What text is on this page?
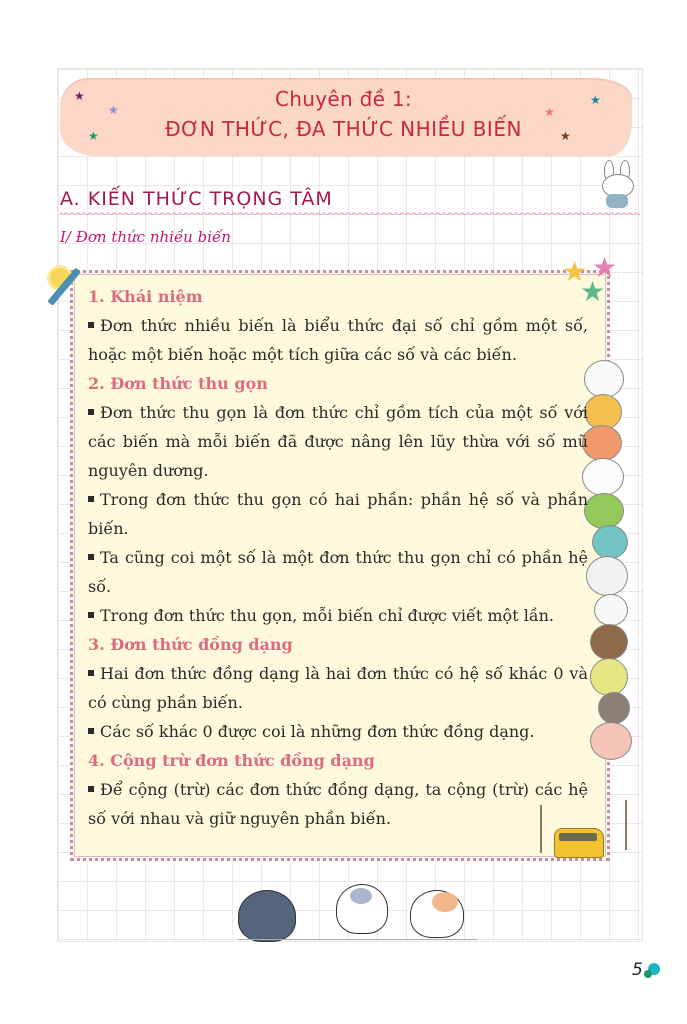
★
★
★
★
★
★
Chuyên đề 1:
ĐƠN THỨC, ĐA THỨC NHIỀU BIẾN
A. KIẾN THỨC TRỌNG TÂM
I/ Đơn thức nhiều biến
★ ★
★
1. Khái niệm
Đơn thức nhiều biến là biểu thức đại số chỉ gồm một số, hoặc một biến hoặc một tích giữa các số và các biến.
2. Đơn thức thu gọn
Đơn thức thu gọn là đơn thức chỉ gồm tích của một số với các biến mà mỗi biến đã được nâng lên lũy thừa với số mũ nguyên dương.
Trong đơn thức thu gọn có hai phần: phần hệ số và phần biến.
Ta cũng coi một số là một đơn thức thu gọn chỉ có phần hệ số.
Trong đơn thức thu gọn, mỗi biến chỉ được viết một lần.
3. Đơn thức đồng dạng
Hai đơn thức đồng dạng là hai đơn thức có hệ số khác 0 và có cùng phần biến.
Các số khác 0 được coi là những đơn thức đồng dạng.
4. Cộng trừ đơn thức đồng dạng
Để cộng (trừ) các đơn thức đồng dạng, ta cộng (trừ) các hệ số với nhau và giữ nguyên phần biến.
5
